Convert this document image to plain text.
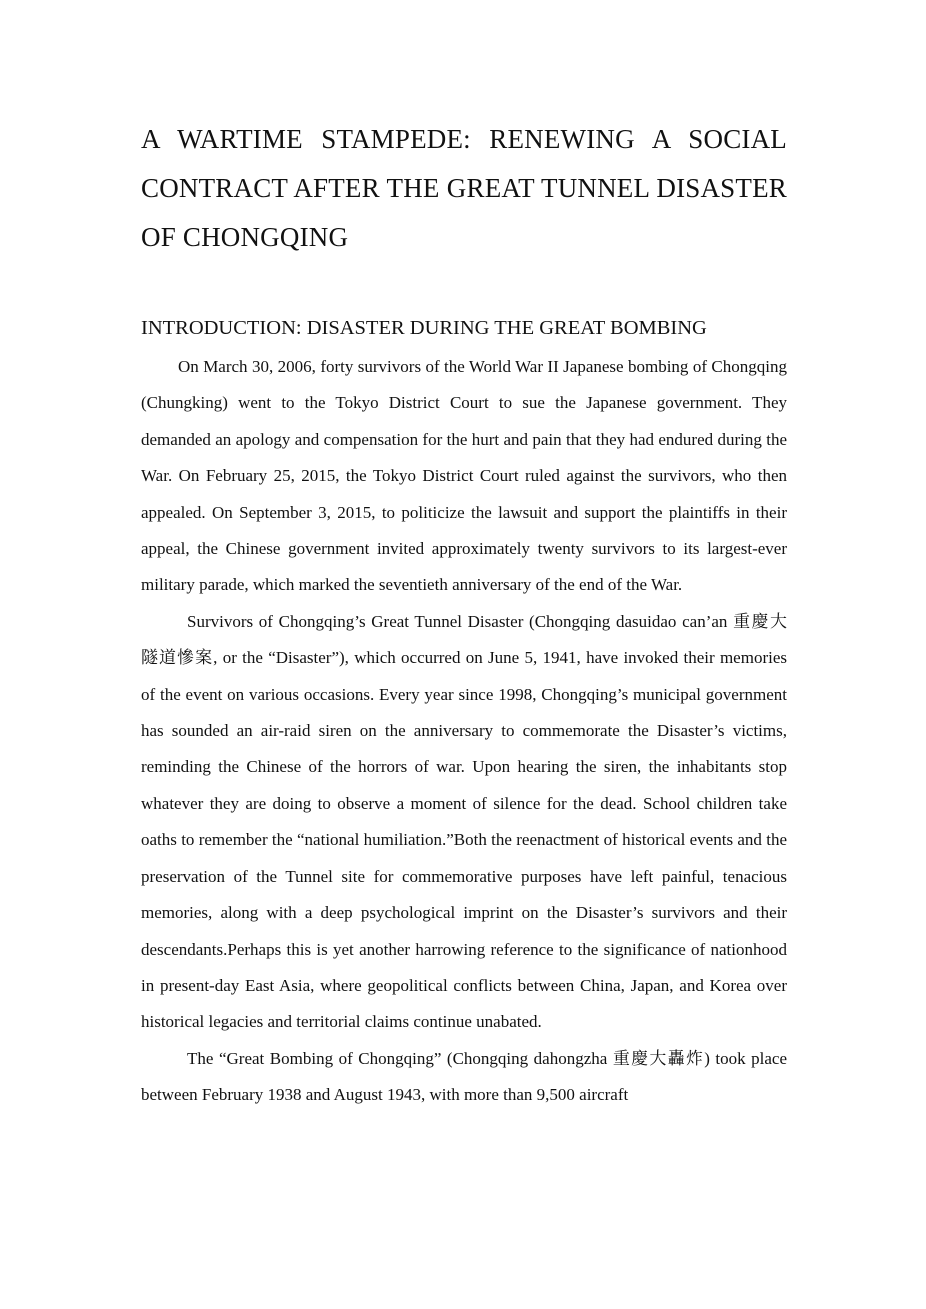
A WARTIME STAMPEDE: RENEWING A SOCIAL CONTRACT AFTER THE GREAT TUNNEL DISASTER OF CHONGQING
INTRODUCTION: DISASTER DURING THE GREAT BOMBING

On March 30, 2006, forty survivors of the World War II Japanese bombing of Chongqing (Chungking) went to the Tokyo District Court to sue the Japanese government. They demanded an apology and compensation for the hurt and pain that they had endured during the War. On February 25, 2015, the Tokyo District Court ruled against the survivors, who then appealed. On September 3, 2015, to politicize the lawsuit and support the plaintiffs in their appeal, the Chinese government invited approximately twenty survivors to its largest-ever military parade, which marked the seventieth anniversary of the end of the War.

Survivors of Chongqing’s Great Tunnel Disaster (Chongqing dasuidao can’an 重慶大隧道慘案, or the “Disaster”), which occurred on June 5, 1941, have invoked their memories of the event on various occasions. Every year since 1998, Chongqing’s municipal government has sounded an air-raid siren on the anniversary to commemorate the Disaster’s victims, reminding the Chinese of the horrors of war. Upon hearing the siren, the inhabitants stop whatever they are doing to observe a moment of silence for the dead. School children take oaths to remember the “national humiliation.”Both the reenactment of historical events and the preservation of the Tunnel site for commemorative purposes have left painful, tenacious memories, along with a deep psychological imprint on the Disaster’s survivors and their descendants.Perhaps this is yet another harrowing reference to the significance of nationhood in present-day East Asia, where geopolitical conflicts between China, Japan, and Korea over historical legacies and territorial claims continue unabated.

The “Great Bombing of Chongqing” (Chongqing dahongzha 重慶大轟炸) took place between February 1938 and August 1943, with more than 9,500 aircraft
